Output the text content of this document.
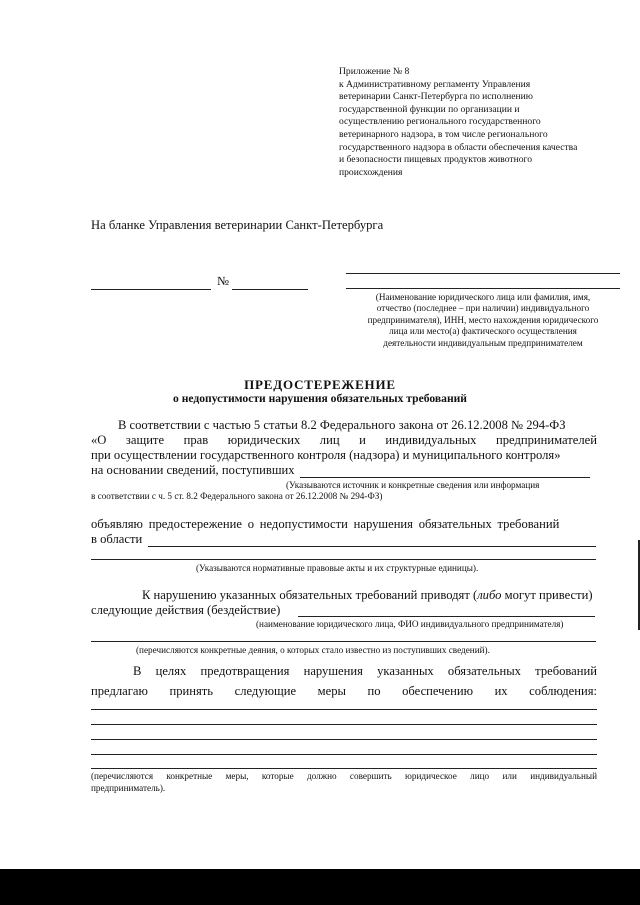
Приложение № 8
к Административному регламенту Управления
ветеринарии Санкт-Петербурга по исполнению
государственной функции по организации и
осуществлению регионального государственного
ветеринарного надзора, в том числе регионального
государственного надзора в области обеспечения качества
и безопасности пищевых продуктов животного
происхождения
На бланке Управления ветеринарии Санкт-Петербурга
№
(Наименование юридического лица или фамилия, имя,
отчество (последнее – при наличии) индивидуального
предпринимателя), ИНН, место нахождения юридического
лица или место(а) фактического осуществления
деятельности индивидуальным предпринимателем
ПРЕДОСТЕРЕЖЕНИЕ
о недопустимости нарушения обязательных требований
В соответствии с частью 5 статьи 8.2 Федерального закона от 26.12.2008 № 294-ФЗ
«О защите прав юридических лиц и индивидуальных предпринимателей
при осуществлении государственного контроля (надзора) и муниципального контроля»
на основании сведений, поступивших
(Указываются источник и конкретные сведения или информация
в соответствии с ч. 5 ст. 8.2 Федерального закона от 26.12.2008 № 294-ФЗ)
объявляю предостережение о недопустимости нарушения обязательных требований
в области
(Указываются нормативные правовые акты и их структурные единицы).
К нарушению указанных обязательных требований приводят (либо могут привести)
следующие действия (бездействие)
(наименование юридического лица, ФИО индивидуального предпринимателя)
(перечисляются конкретные деяния, о которых стало известно из поступивших сведений).
В целях предотвращения нарушения указанных обязательных требований
предлагаю принять следующие меры по обеспечению их соблюдения:
(перечисляются конкретные меры, которые должно совершить юридическое лицо или индивидуальный
предприниматель).
